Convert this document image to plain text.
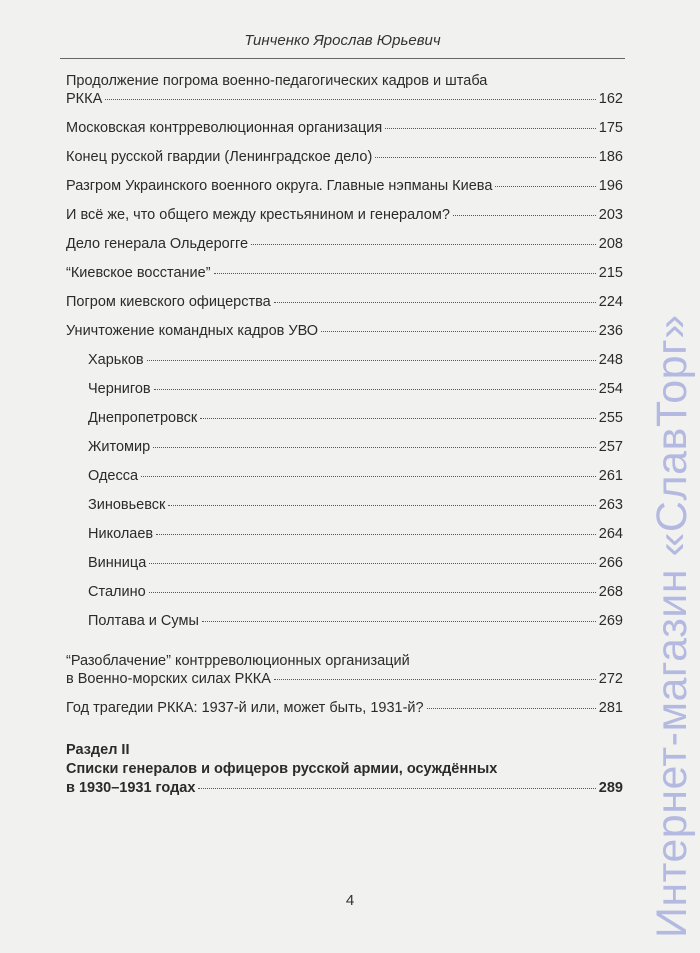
Тинченко Ярослав Юрьевич
Продолжение погрома военно-педагогических кадров и штаба
РККА	162
Московская контрреволюционная организация	175
Конец русской гвардии (Ленинградское дело)	186
Разгром Украинского военного округа. Главные нэпманы Киева	196
И всё же, что общего между крестьянином и генералом?	203
Дело генерала Ольдерогге	208
“Киевское восстание”	215
Погром киевского офицерства	224
Уничтожение командных кадров УВО	236
Харьков	248
Чернигов	254
Днепропетровск	255
Житомир	257
Одесса	261
Зиновьевск	263
Николаев	264
Винница	266
Сталино	268
Полтава и Сумы	269
“Разоблачение” контрреволюционных организаций
в Военно-морских силах РККА	272
Год трагедии РККА: 1937-й или, может быть, 1931-й?	281
Раздел II
Списки генералов и офицеров русской армии, осуждённых
в 1930–1931 годах	289
4	Интернет-магазин «СлавТорг»
